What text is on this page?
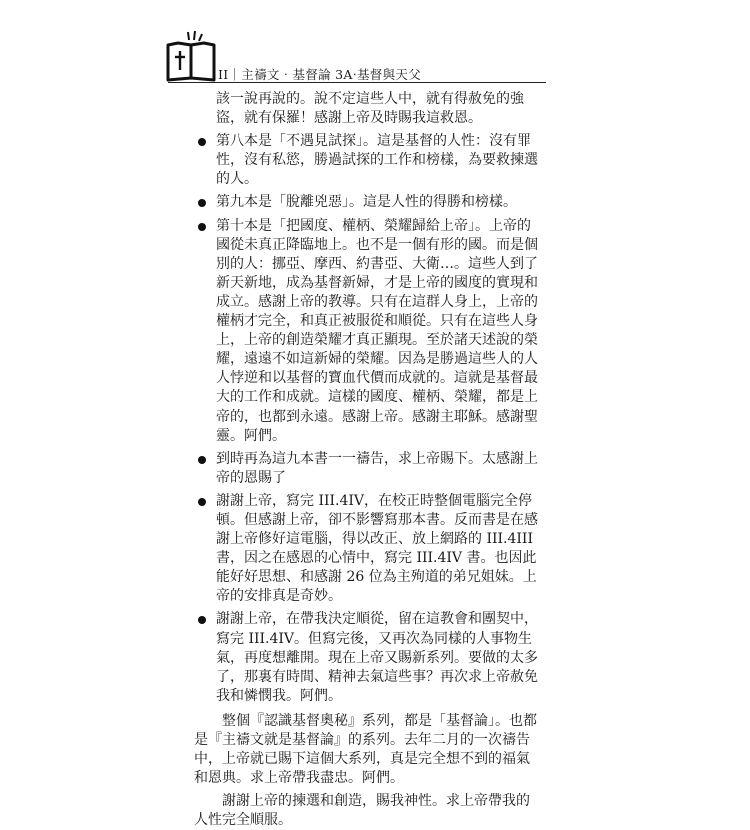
II｜主禱文‧基督論 3A‧基督與天父

該一說再說的。說不定這些人中，就有得赦免的強盜，就有保羅！感謝上帝及時賜我這救恩。

第八本是「不遇見試探」。這是基督的人性：沒有罪性，沒有私慾，勝過試探的工作和榜樣，為要救揀選的人。

第九本是「脫離兇惡」。這是人性的得勝和榜樣。

第十本是「把國度、權柄、榮耀歸給上帝」。上帝的國從未真正降臨地上。也不是一個有形的國。而是個別的人：挪亞、摩西、約書亞、大衛…。這些人到了新天新地，成為基督新婦，才是上帝的國度的實現和成立。感謝上帝的教導。只有在這群人身上，上帝的權柄才完全，和真正被服從和順從。只有在這些人身上，上帝的創造榮耀才真正顯現。至於諸天述說的榮耀，遠遠不如這新婦的榮耀。因為是勝過這些人的人人悖逆和以基督的寶血代價而成就的。這就是基督最大的工作和成就。這樣的國度、權柄、榮耀，都是上帝的，也都到永遠。感謝上帝。感謝主耶穌。感謝聖靈。阿們。

到時再為這九本書一一禱告，求上帝賜下。太感謝上帝的恩賜了

謝謝上帝，寫完 III.4IV，在校正時整個電腦完全停頓。但感謝上帝，卻不影響寫那本書。反而書是在感謝上帝修好這電腦，得以改正、放上網路的 III.4III 書，因之在感恩的心情中，寫完 III.4IV 書。也因此能好好思想、和感謝 26 位為主殉道的弟兄姐妹。上帝的安排真是奇妙。

謝謝上帝，在帶我決定順從，留在這教會和團契中，寫完 III.4IV。但寫完後，又再次為同樣的人事物生氣，再度想離開。現在上帝又賜新系列。要做的太多了，那裏有時間、精神去氣這些事？再次求上帝赦免我和憐憫我。阿們。

整個『認識基督奧秘』系列，都是「基督論」。也都是『主禱文就是基督論』的系列。去年二月的一次禱告中，上帝就已賜下這個大系列，真是完全想不到的福氣和恩典。求上帝帶我盡忠。阿們。

謝謝上帝的揀選和創造，賜我神性。求上帝帶我的人性完全順服。
